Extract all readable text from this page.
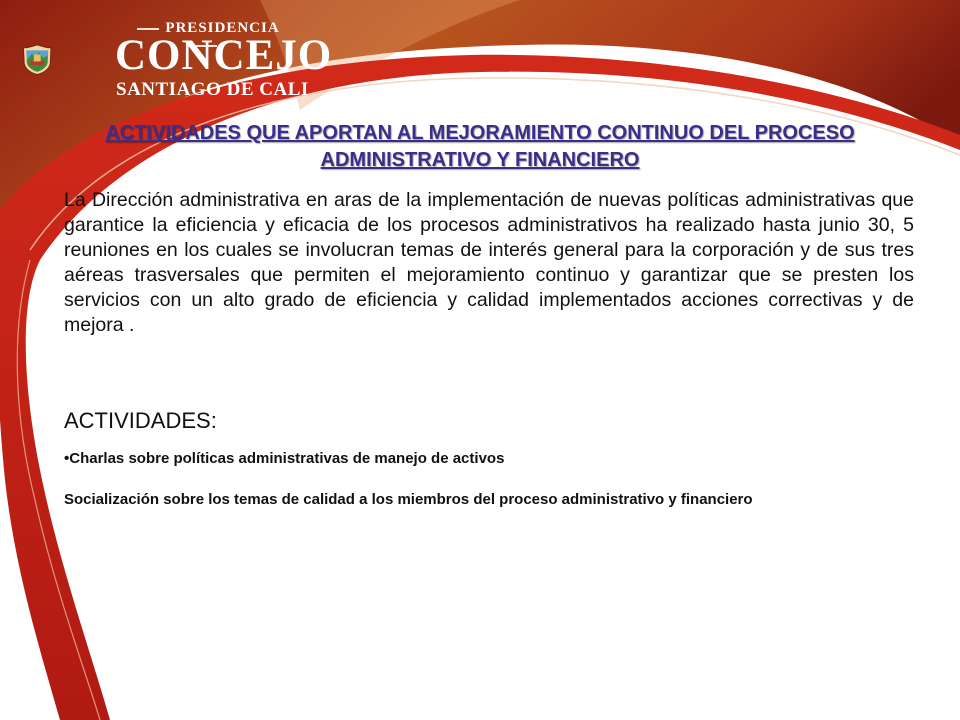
PRESIDENCIA
CONCEJO
SANTIAGO DE CALI
ACTIVIDADES QUE APORTAN AL MEJORAMIENTO CONTINUO DEL PROCESO ADMINISTRATIVO Y FINANCIERO
La Dirección administrativa en aras de la implementación de nuevas políticas administrativas que garantice la eficiencia y eficacia de los procesos administrativos ha realizado hasta junio 30, 5 reuniones en los cuales se involucran temas de interés general para la corporación y de sus tres aéreas trasversales que permiten el mejoramiento continuo y garantizar que se presten los servicios con un alto grado de eficiencia y calidad implementados acciones correctivas y de mejora .
ACTIVIDADES:
•Charlas sobre políticas administrativas de manejo de activos
Socialización sobre los temas de calidad a los miembros del proceso administrativo y financiero
